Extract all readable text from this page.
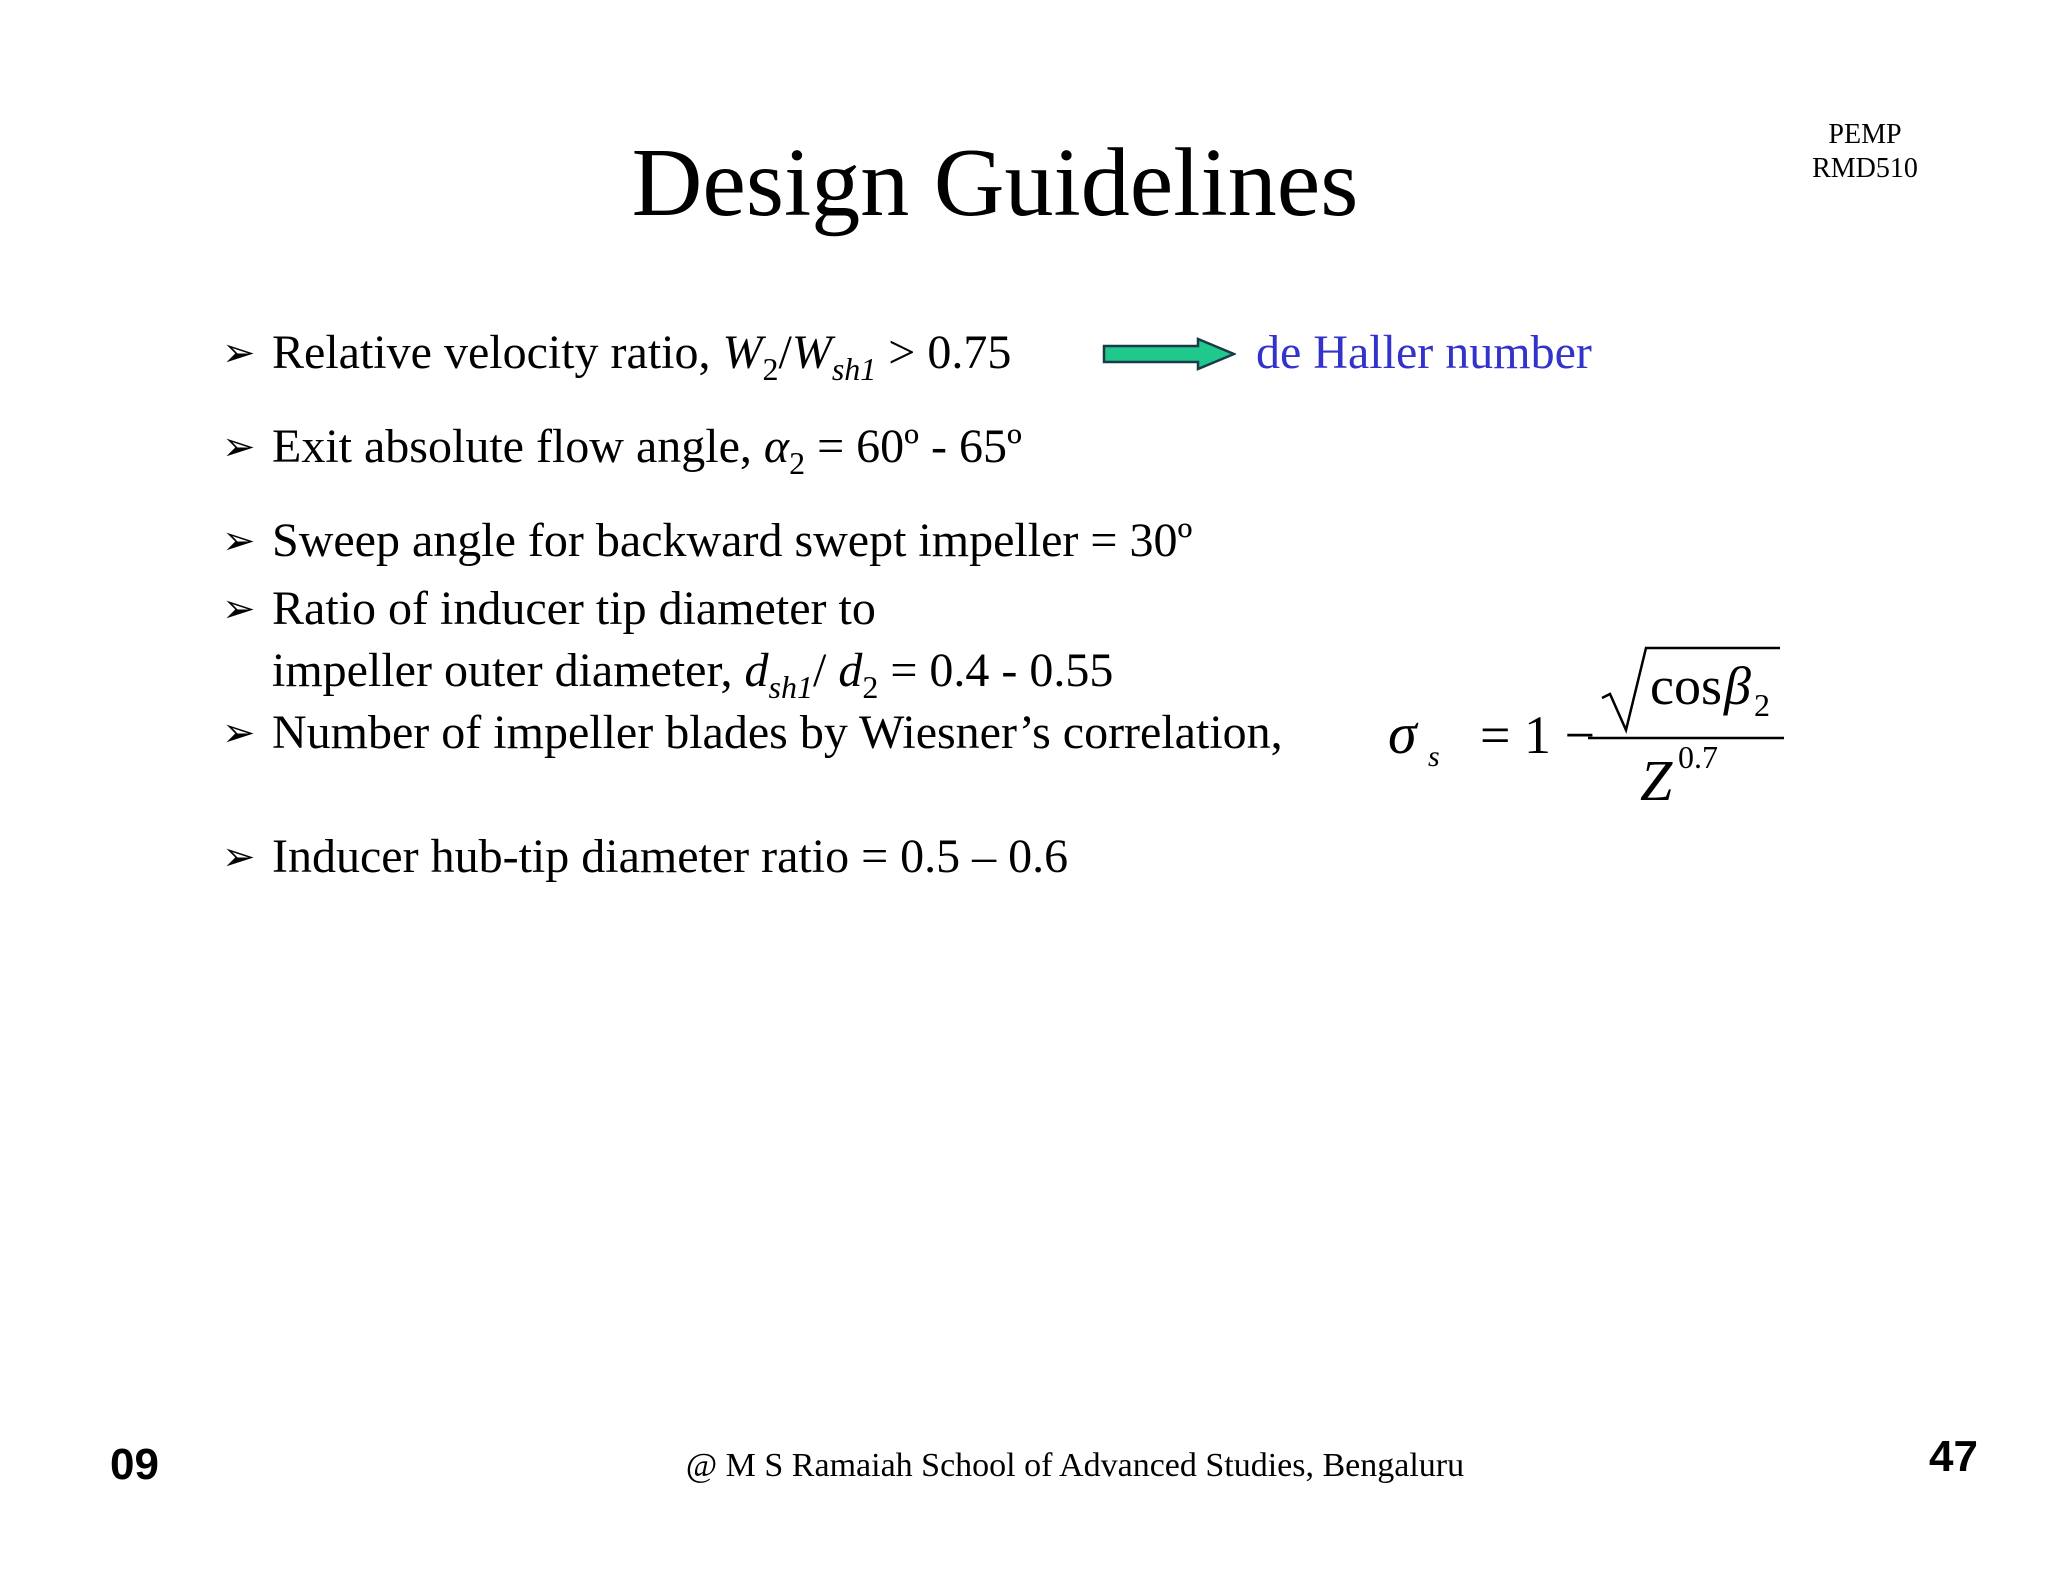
PEMP
RMD510
Design Guidelines
➢ Relative velocity ratio, $W_2/W_{sh1} > 0.75$	de Haller number
➢ Exit absolute flow angle, $\alpha_2$ = 60º - 65º
➢ Sweep angle for backward swept impeller = 30º
➢ Ratio of inducer tip diameter to
impeller outer diameter, $d_{sh1}/$ $d_2 = 0.4 - 0.55$
➢ Number of impeller blades by Wiesner’s correlation, σ s = 1 −
cos β 2
Z 0.7
➢ Inducer hub-tip diameter ratio = 0.5 – 0.6
09	@ M S Ramaiah School of Advanced Studies, Bengaluru	47
